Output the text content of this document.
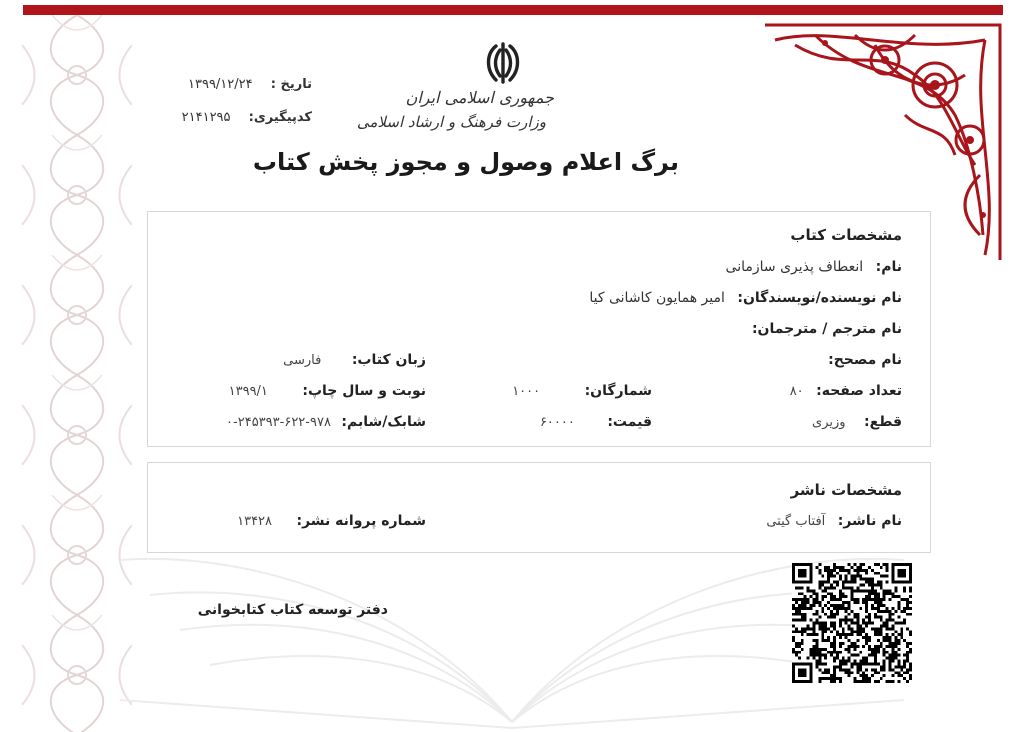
جمهوری اسلامی ایران
وزارت فرهنگ و ارشاد اسلامی
تاریخ : ۱۳۹۹/۱۲/۲۴
کدپیگیری: ۲۱۴۱۲۹۵
برگ اعلام وصول و مجوز پخش کتاب
مشخصات کتاب
نام: انعطاف پذیری سازمانی
نام نویسنده/نویسندگان: امیر همایون کاشانی کیا
نام مترجم / مترجمان:
نام مصحح:
زبان کتاب: فارسی
تعداد صفحه: ۸۰
شمارگان: ۱۰۰۰
نوبت و سال چاپ: ۱۳۹۹/۱
قطع: وزیری
قیمت: ۶۰۰۰۰
شابک/شابم: ۹۷۸-۶۲۲-۲۴۵۳۹۳-۰
مشخصات ناشر
نام ناشر: آفتاب گیتی
شماره پروانه نشر: ۱۳۴۲۸
دفتر توسعه کتاب کتابخوانی
